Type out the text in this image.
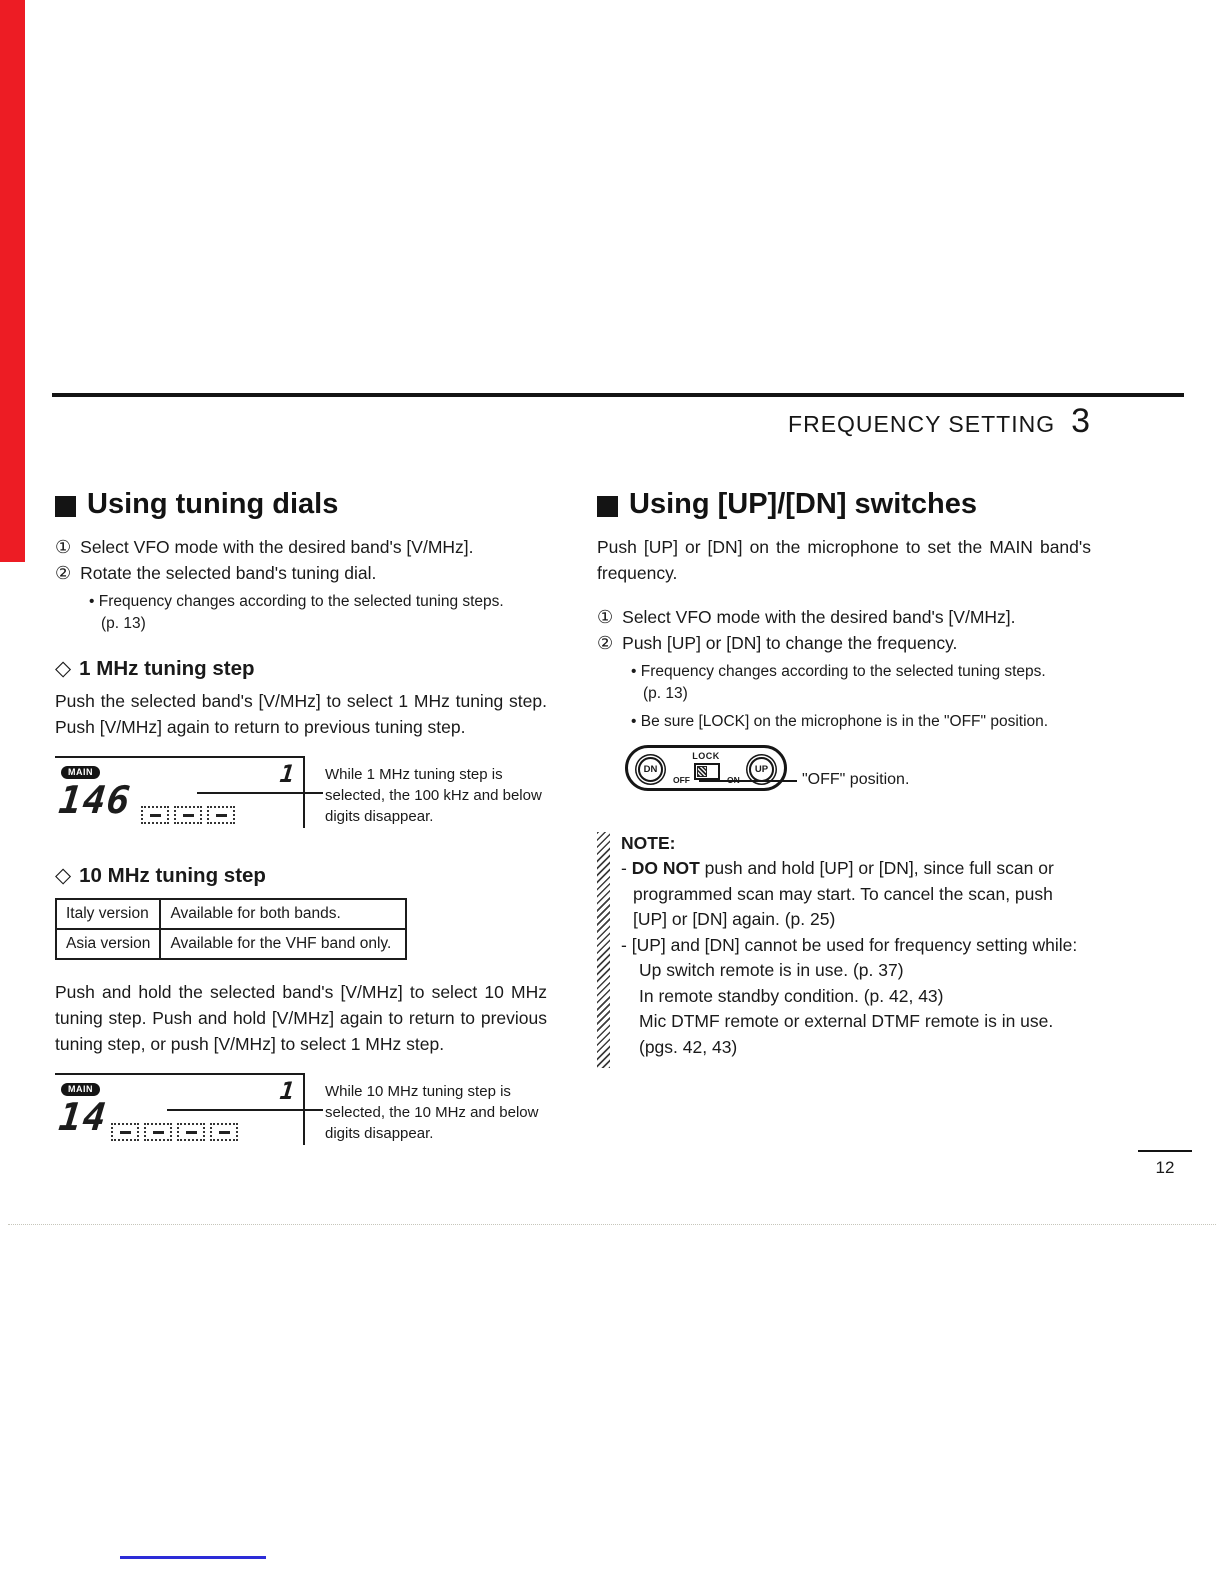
FREQUENCY SETTING 3
Using tuning dials
① Select VFO mode with the desired band's [V/MHz].
② Rotate the selected band's tuning dial.
• Frequency changes according to the selected tuning steps.
(p. 13)
◇ 1 MHz tuning step
Push the selected band's [V/MHz] to select 1 MHz tuning step. Push [V/MHz] again to return to previous tuning step.
MAIN
146
1 While 1 MHz tuning step is selected, the 100 kHz and below digits disappear.
◇ 10 MHz tuning step
Italy version	Available for both bands.
Asia version	Available for the VHF band only.
Push and hold the selected band's [V/MHz] to select 10 MHz tuning step. Push and hold [V/MHz] again to return to previous tuning step, or push [V/MHz] to select 1 MHz step.
MAIN
14
1 While 10 MHz tuning step is selected, the 10 MHz and below digits disappear.
Using [UP]/[DN] switches
Push [UP] or [DN] on the microphone to set the MAIN band's frequency.
① Select VFO mode with the desired band's [V/MHz].
② Push [UP] or [DN] to change the frequency.
• Frequency changes according to the selected tuning steps.
(p. 13)
• Be sure [LOCK] on the microphone is in the "OFF" position.
DN
LOCK
OFF
UP
"OFF" position.
NOTE:
- DO NOT push and hold [UP] or [DN], since full scan or programmed scan may start. To cancel the scan, push [UP] or [DN] again. (p. 25)
- [UP] and [DN] cannot be used for frequency setting while:
Up switch remote is in use. (p. 37)
In remote standby condition. (p. 42, 43)
Mic DTMF remote or external DTMF remote is in use. (pgs. 42, 43)
12
